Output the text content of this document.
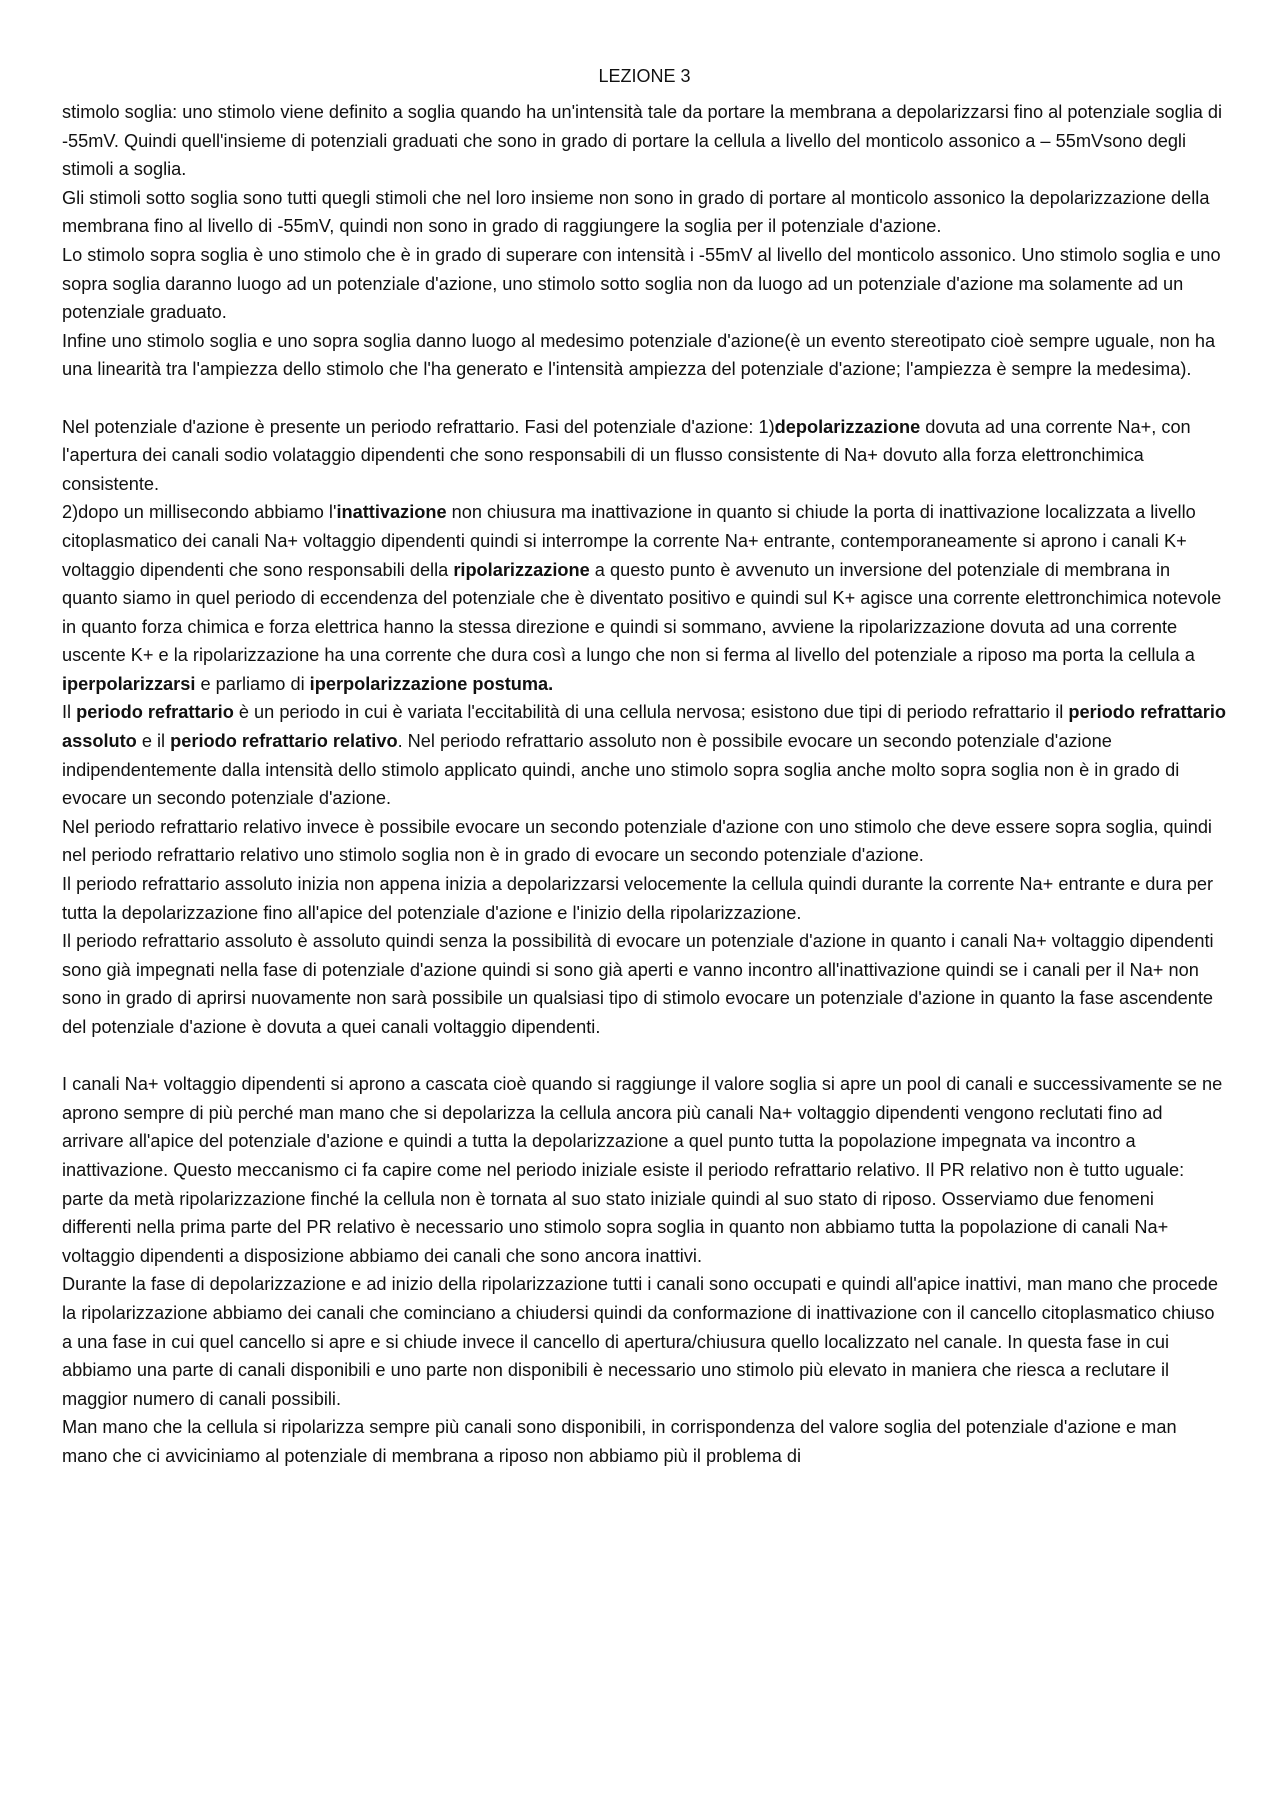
LEZIONE 3

stimolo soglia: uno stimolo viene definito a soglia quando ha un'intensità tale da portare la membrana a depolarizzarsi fino al potenziale soglia di -55mV. Quindi quell'insieme di potenziali graduati che sono in grado di portare la cellula a livello del monticolo assonico a – 55mVsono degli stimoli a soglia.

Gli stimoli sotto soglia sono tutti quegli stimoli che nel loro insieme non sono in grado di portare al monticolo assonico la depolarizzazione della membrana fino al livello di -55mV, quindi non sono in grado di raggiungere la soglia per il potenziale d'azione.

Lo stimolo sopra soglia è uno stimolo che è in grado di superare con intensità i -55mV al livello del monticolo assonico. Uno stimolo soglia e uno sopra soglia daranno luogo ad un potenziale d'azione, uno stimolo sotto soglia non da luogo ad un potenziale d'azione ma solamente ad un potenziale graduato.

Infine uno stimolo soglia e uno sopra soglia danno luogo al medesimo potenziale d'azione(è un evento stereotipato cioè sempre uguale, non ha una linearità tra l'ampiezza dello stimolo che l'ha generato e l'intensità ampiezza del potenziale d'azione; l'ampiezza è sempre la medesima).

Nel potenziale d'azione è presente un periodo refrattario. Fasi del potenziale d'azione: 1)depolarizzazione dovuta ad una corrente Na+, con l'apertura dei canali sodio volataggio dipendenti che sono responsabili di un flusso consistente di Na+ dovuto alla forza elettronchimica consistente.

2)dopo un millisecondo abbiamo l'inattivazione non chiusura ma inattivazione in quanto si chiude la porta di inattivazione localizzata a livello citoplasmatico dei canali Na+ voltaggio dipendenti quindi si interrompe la corrente Na+ entrante, contemporaneamente si aprono i canali K+ voltaggio dipendenti che sono responsabili della ripolarizzazione a questo punto è avvenuto un inversione del potenziale di membrana in quanto siamo in quel periodo di eccendenza del potenziale che è diventato positivo e quindi sul K+ agisce una corrente elettronchimica notevole in quanto forza chimica e forza elettrica hanno la stessa direzione e quindi si sommano, avviene la ripolarizzazione dovuta ad una corrente uscente K+ e la ripolarizzazione ha una corrente che dura così a lungo che non si ferma al livello del potenziale a riposo ma porta la cellula a iperpolarizzarsi e parliamo di iperpolarizzazione postuma.

Il periodo refrattario è un periodo in cui è variata l'eccitabilità di una cellula nervosa; esistono due tipi di periodo refrattario il periodo refrattario assoluto e il periodo refrattario relativo. Nel periodo refrattario assoluto non è possibile evocare un secondo potenziale d'azione indipendentemente dalla intensità dello stimolo applicato quindi, anche uno stimolo sopra soglia anche molto sopra soglia non è in grado di evocare un secondo potenziale d'azione.

Nel periodo refrattario relativo invece è possibile evocare un secondo potenziale d'azione con uno stimolo che deve essere sopra soglia, quindi nel periodo refrattario relativo uno stimolo soglia non è in grado di evocare un secondo potenziale d'azione.

Il periodo refrattario assoluto inizia non appena inizia a depolarizzarsi velocemente la cellula quindi durante la corrente Na+ entrante e dura per tutta la depolarizzazione fino all'apice del potenziale d'azione e l'inizio della ripolarizzazione.

Il periodo refrattario assoluto è assoluto quindi senza la possibilità di evocare un potenziale d'azione in quanto i canali Na+ voltaggio dipendenti sono già impegnati nella fase di potenziale d'azione quindi si sono già aperti e vanno incontro all'inattivazione quindi se i canali per il Na+ non sono in grado di aprirsi nuovamente non sarà possibile un qualsiasi tipo di stimolo evocare un potenziale d'azione in quanto la fase ascendente del potenziale d'azione è dovuta a quei canali voltaggio dipendenti.

I canali Na+ voltaggio dipendenti si aprono a cascata cioè quando si raggiunge il valore soglia si apre un pool di canali e successivamente se ne aprono sempre di più perché man mano che si depolarizza la cellula ancora più canali Na+ voltaggio dipendenti vengono reclutati fino ad arrivare all'apice del potenziale d'azione e quindi a tutta la depolarizzazione a quel punto tutta la popolazione impegnata va incontro a inattivazione. Questo meccanismo ci fa capire come nel periodo iniziale esiste il periodo refrattario relativo. Il PR relativo non è tutto uguale: parte da metà ripolarizzazione finché la cellula non è tornata al suo stato iniziale quindi al suo stato di riposo. Osserviamo due fenomeni differenti nella prima parte del PR relativo è necessario uno stimolo sopra soglia in quanto non abbiamo tutta la popolazione di canali Na+ voltaggio dipendenti a disposizione abbiamo dei canali che sono ancora inattivi.

Durante la fase di depolarizzazione e ad inizio della ripolarizzazione tutti i canali sono occupati e quindi all'apice inattivi, man mano che procede la ripolarizzazione abbiamo dei canali che cominciano a chiudersi quindi da conformazione di inattivazione con il cancello citoplasmatico chiuso a una fase in cui quel cancello si apre e si chiude invece il cancello di apertura/chiusura quello localizzato nel canale. In questa fase in cui abbiamo una parte di canali disponibili e uno parte non disponibili è necessario uno stimolo più elevato in maniera che riesca a reclutare il maggior numero di canali possibili.

Man mano che la cellula si ripolarizza sempre più canali sono disponibili, in corrispondenza del valore soglia del potenziale d'azione e man mano che ci avviciniamo al potenziale di membrana a riposo non abbiamo più il problema di
